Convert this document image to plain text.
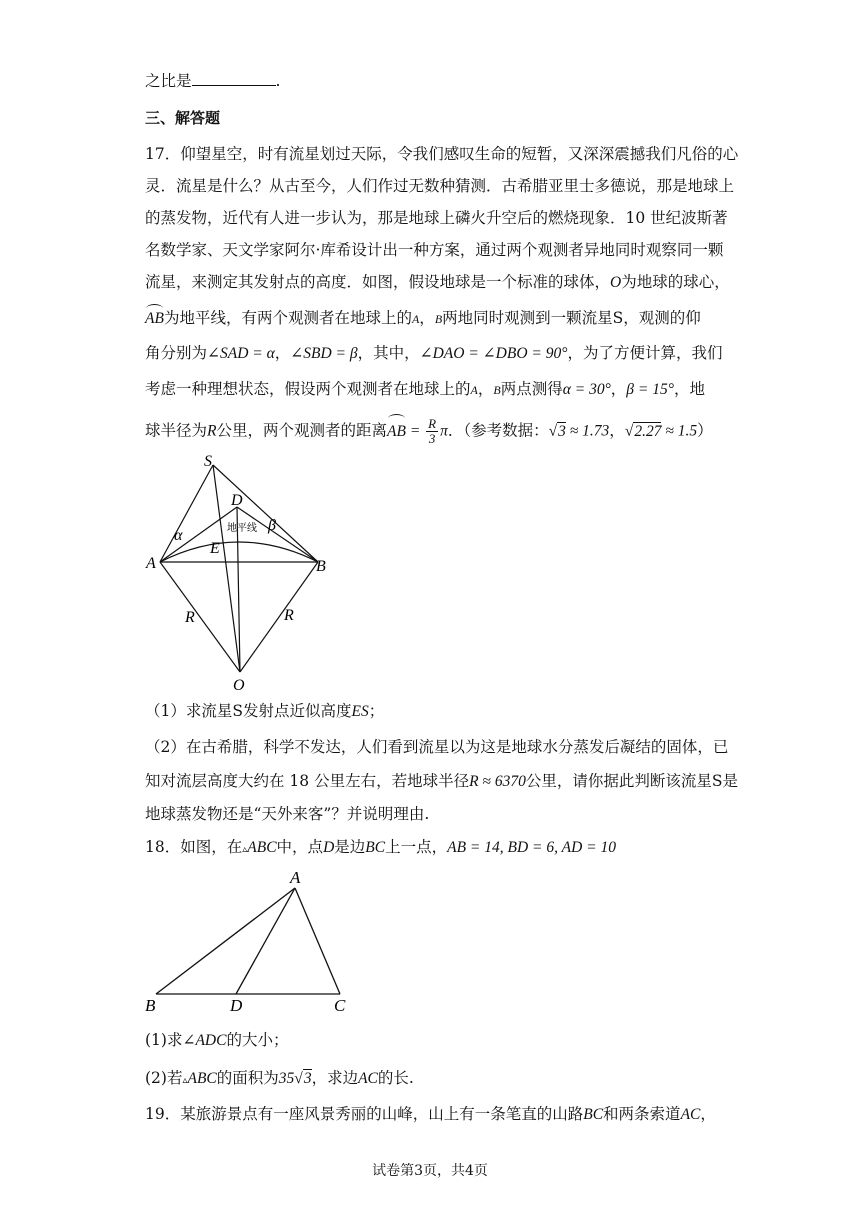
之比是	.
三、解答题
17．仰望星空，时有流星划过天际，令我们感叹生命的短暂，又深深震撼我们凡俗的心
灵．流星是什么？从古至今，人们作过无数种猜测．古希腊亚里士多德说，那是地球上
的蒸发物，近代有人进一步认为，那是地球上磷火升空后的燃烧现象．10 世纪波斯著
名数学家、天文学家阿尔·库希设计出一种方案，通过两个观测者异地同时观察同一颗
流星，来测定其发射点的高度．如图，假设地球是一个标准的球体，O为地球的球心，
AB为地平线，有两个观测者在地球上的A，B两地同时观测到一颗流星S，观测的仰
角分别为∠SAD = α，∠SBD = β，其中，∠DAO = ∠DBO = 90°，为了方便计算，我们
考虑一种理想状态，假设两个观测者在地球上的A，B两点测得α = 30°，β = 15°，地
球半径为R公里，两个观测者的距离AB = $\frac{R}{3}$ π．（参考数据：√3 ≈ 1.73，√2.27 ≈ 1.5）
S
D
A	B
E
O
R	R
α
β
地平线
（1）求流星S发射点近似高度ES；
（2）在古希腊，科学不发达，人们看到流星以为这是地球水分蒸发后凝结的固体，已
知对流层高度大约在 18 公里左右，若地球半径R ≈ 6370公里，请你据此判断该流星S是
地球蒸发物还是“天外来客”？并说明理由.
18．如图，在▵ABC中，点D是边BC上一点，AB = 14, BD = 6, AD = 10
A
B	D	C
(1)求∠ADC的大小；
(2)若▵ABC的面积为35√3，求边AC的长.
19．某旅游景点有一座风景秀丽的山峰，山上有一条笔直的山路BC和两条索道AC，
试卷第3页，共4页
